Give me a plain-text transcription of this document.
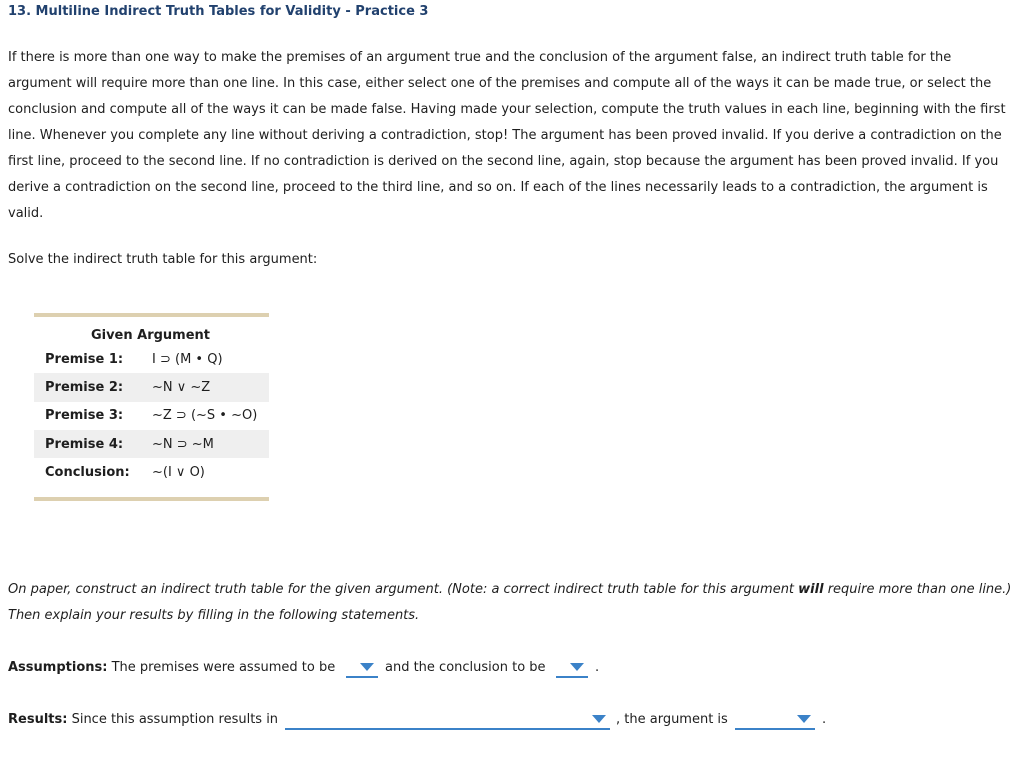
13. Multiline Indirect Truth Tables for Validity - Practice 3

If there is more than one way to make the premises of an argument true and the conclusion of the argument false, an indirect truth table for the argument will require more than one line. In this case, either select one of the premises and compute all of the ways it can be made true, or select the conclusion and compute all of the ways it can be made false. Having made your selection, compute the truth values in each line, beginning with the first line. Whenever you complete any line without deriving a contradiction, stop! The argument has been proved invalid. If you derive a contradiction on the first line, proceed to the second line. If no contradiction is derived on the second line, again, stop because the argument has been proved invalid. If you derive a contradiction on the second line, proceed to the third line, and so on. If each of the lines necessarily leads to a contradiction, the argument is valid.

Solve the indirect truth table for this argument:

Given Argument
Premise 1:	I ⊃ (M • Q)
Premise 2:	~N ∨ ~Z
Premise 3:	~Z ⊃ (~S • ~O)
Premise 4:	~N ⊃ ~M
Conclusion:	~(I ∨ O)

On paper, construct an indirect truth table for the given argument. (Note: a correct indirect truth table for this argument will require more than one line.) Then explain your results by filling in the following statements.

Assumptions: The premises were assumed to be	and the conclusion to be	.
Results: Since this assumption results in	, the argument is	.
